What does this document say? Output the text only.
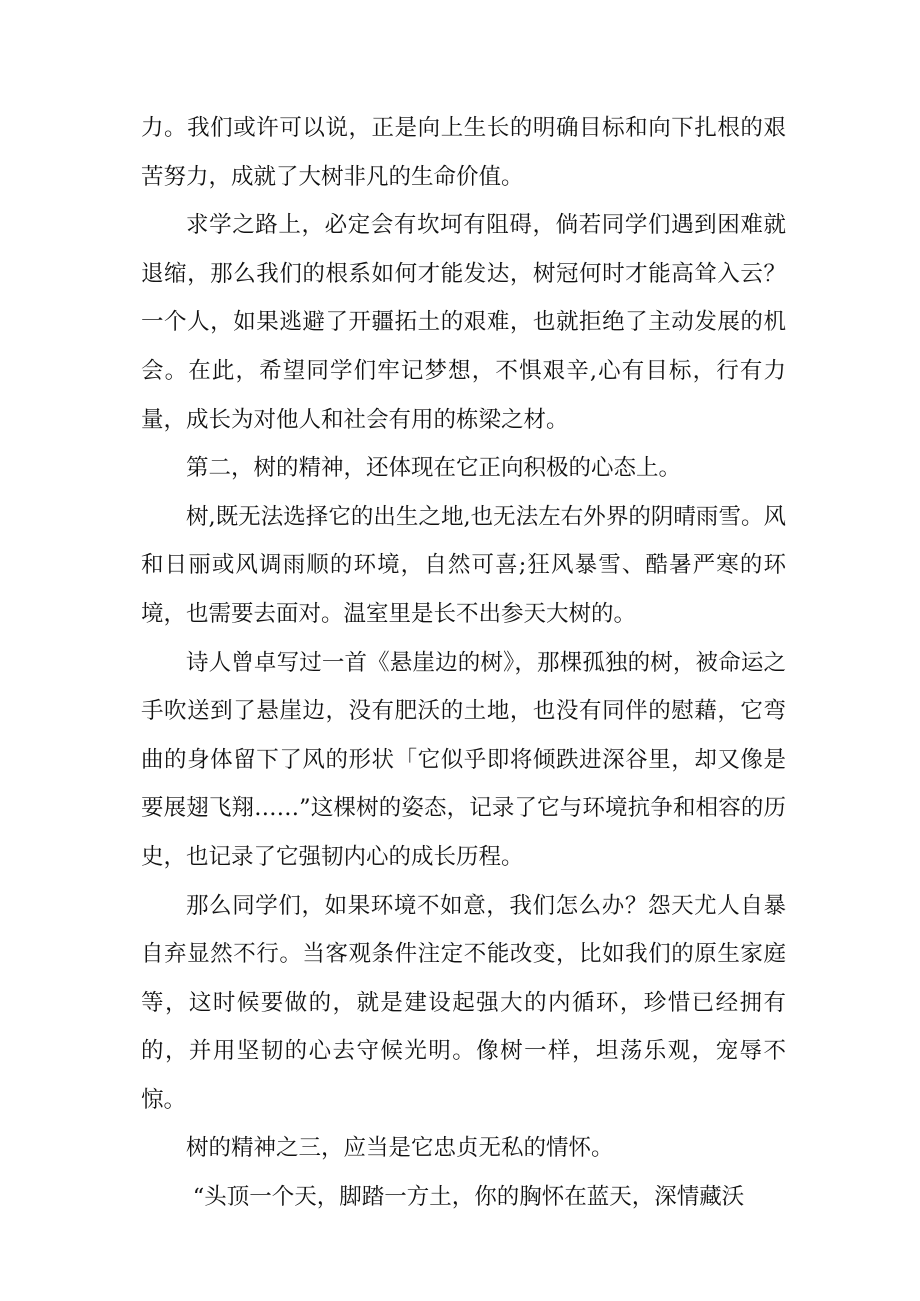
力。我们或许可以说，正是向上生长的明确目标和向下扎根的艰苦努力，成就了大树非凡的生命价值。

求学之路上，必定会有坎坷有阻碍，倘若同学们遇到困难就退缩，那么我们的根系如何才能发达，树冠何时才能高耸入云？一个人，如果逃避了开疆拓土的艰难，也就拒绝了主动发展的机会。在此，希望同学们牢记梦想，不惧艰辛,心有目标，行有力量，成长为对他人和社会有用的栋梁之材。

第二，树的精神，还体现在它正向积极的心态上。

树,既无法选择它的出生之地,也无法左右外界的阴晴雨雪。风和日丽或风调雨顺的环境，自然可喜;狂风暴雪、酷暑严寒的环境，也需要去面对。温室里是长不出参天大树的。

诗人曾卓写过一首《悬崖边的树》，那棵孤独的树，被命运之手吹送到了悬崖边，没有肥沃的土地，也没有同伴的慰藉，它弯曲的身体留下了风的形状「它似乎即将倾跌进深谷里，却又像是要展翅飞翔……”这棵树的姿态，记录了它与环境抗争和相容的历史，也记录了它强韧内心的成长历程。

那么同学们，如果环境不如意，我们怎么办？怨天尤人自暴自弃显然不行。当客观条件注定不能改变，比如我们的原生家庭等，这时候要做的，就是建设起强大的内循环，珍惜已经拥有的，并用坚韧的心去守候光明。像树一样，坦荡乐观，宠辱不惊。

树的精神之三，应当是它忠贞无私的情怀。

“头顶一个天，脚踏一方土，你的胸怀在蓝天，深情藏沃
